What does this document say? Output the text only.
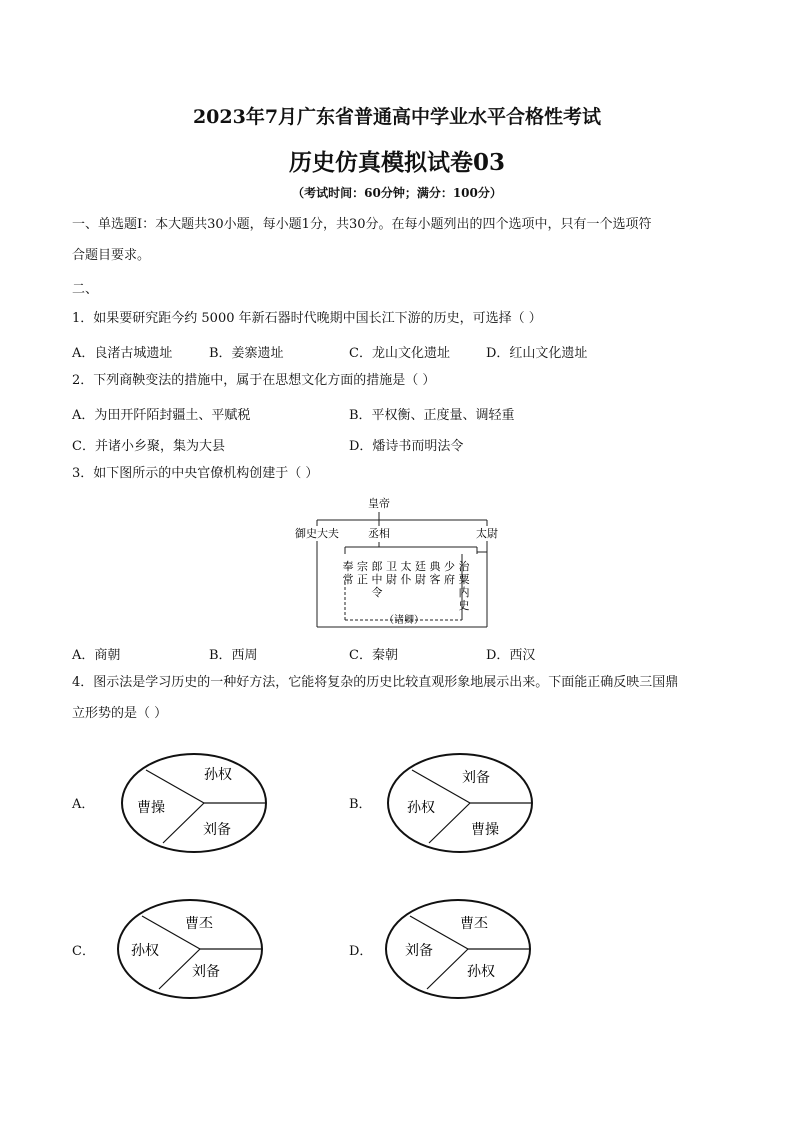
2023年7月广东省普通高中学业水平合格性考试
历史仿真模拟试卷03
（考试时间：60分钟；满分：100分）
一、单选题Ⅰ：本大题共30小题，每小题1分，共30分。在每小题列出的四个选项中，只有一个选项符
合题目要求。
二、
1．如果要研究距今约 5000 年新石器时代晚期中国长江下游的历史，可选择（ ）
A．良渚古城遗址	B．姜寨遗址	C．龙山文化遗址	D．红山文化遗址
2．下列商鞅变法的措施中，属于在思想文化方面的措施是（ ）
A．为田开阡陌封疆土、平赋税	B．平权衡、正度量、调轻重
C．并诸小乡聚，集为大县	D．燔诗书而明法令
3．如下图所示的中央官僚机构创建于（ ）
皇帝
御史大夫	丞相	太尉
（诸卿）
奉常
宗正
郎中令
卫尉
太仆
廷尉
典客
少府
治粟内史
A．商朝	B．西周	C．秦朝	D．西汉
4．图示法是学习历史的一种好方法，它能将复杂的历史比较直观形象地展示出来。下面能正确反映三国鼎
立形势的是（ ）
A．	B．
C．	D．
曹操
孙权
刘备
孙权
刘备
曹操
孙权
曹丕
刘备
刘备
曹丕
孙权
